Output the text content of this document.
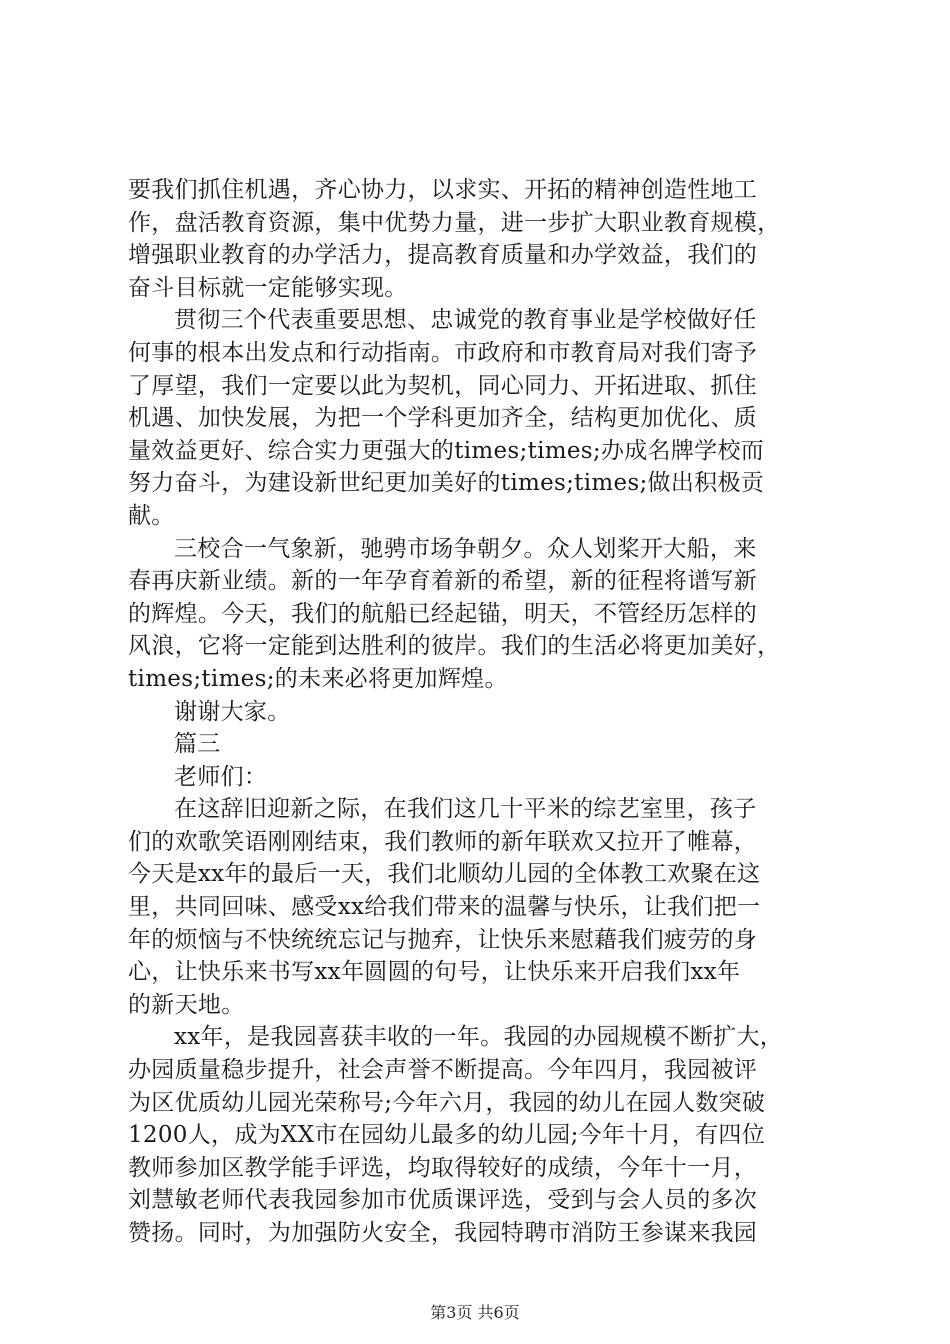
要我们抓住机遇，齐心协力，以求实、开拓的精神创造性地工
作，盘活教育资源，集中优势力量，进一步扩大职业教育规模，
增强职业教育的办学活力，提高教育质量和办学效益，我们的
奋斗目标就一定能够实现。
贯彻三个代表重要思想、忠诚党的教育事业是学校做好任
何事的根本出发点和行动指南。市政府和市教育局对我们寄予
了厚望，我们一定要以此为契机，同心同力、开拓进取、抓住
机遇、加快发展，为把一个学科更加齐全，结构更加优化、质
量效益更好、综合实力更强大的times;times;办成名牌学校而
努力奋斗，为建设新世纪更加美好的times;times;做出积极贡
献。
三校合一气象新，驰骋市场争朝夕。众人划桨开大船，来
春再庆新业绩。新的一年孕育着新的希望，新的征程将谱写新
的辉煌。今天，我们的航船已经起锚，明天，不管经历怎样的
风浪，它将一定能到达胜利的彼岸。我们的生活必将更加美好，
times;times;的未来必将更加辉煌。
谢谢大家。
篇三
老师们：
在这辞旧迎新之际，在我们这几十平米的综艺室里，孩子
们的欢歌笑语刚刚结束，我们教师的新年联欢又拉开了帷幕，
今天是xx年的最后一天，我们北顺幼儿园的全体教工欢聚在这
里，共同回味、感受xx给我们带来的温馨与快乐，让我们把一
年的烦恼与不快统统忘记与抛弃，让快乐来慰藉我们疲劳的身
心，让快乐来书写xx年圆圆的句号，让快乐来开启我们xx年
的新天地。
xx年，是我园喜获丰收的一年。我园的办园规模不断扩大，
办园质量稳步提升，社会声誉不断提高。今年四月，我园被评
为区优质幼儿园光荣称号;今年六月，我园的幼儿在园人数突破
1200人，成为XX市在园幼儿最多的幼儿园;今年十月，有四位
教师参加区教学能手评选，均取得较好的成绩，今年十一月，
刘慧敏老师代表我园参加市优质课评选，受到与会人员的多次
赞扬。同时，为加强防火安全，我园特聘市消防王参谋来我园
第3页 共6页
